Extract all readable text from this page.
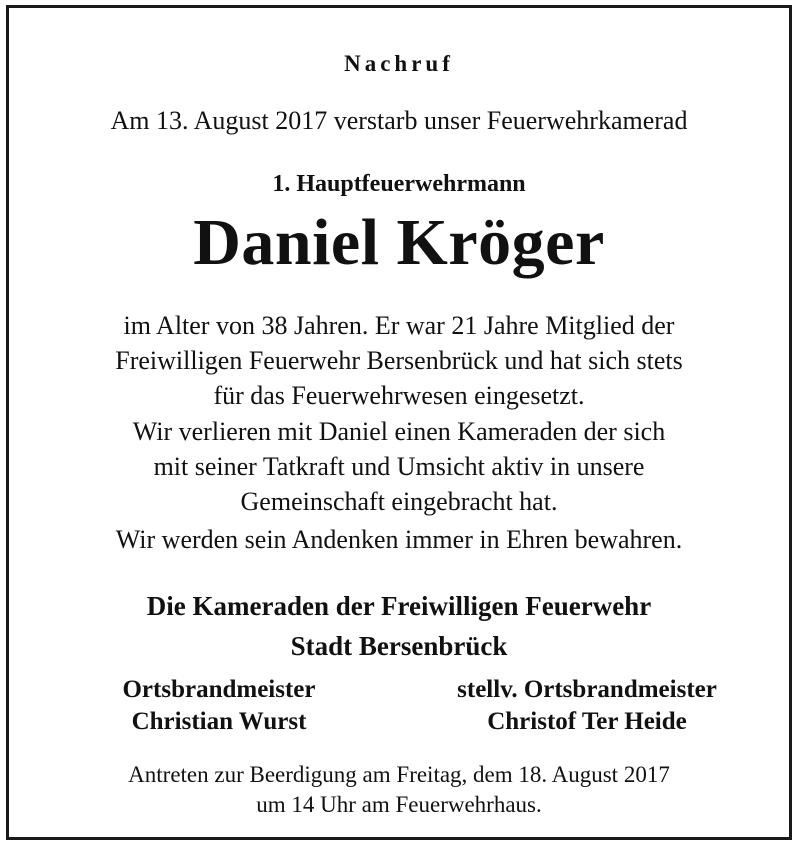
Nachruf
Am 13. August 2017 verstarb unser Feuerwehrkamerad
1. Hauptfeuerwehrmann
Daniel Kröger
im Alter von 38 Jahren. Er war 21 Jahre Mitglied der
Freiwilligen Feuerwehr Bersenbrück und hat sich stets
für das Feuerwehrwesen eingesetzt.
Wir verlieren mit Daniel einen Kameraden der sich
mit seiner Tatkraft und Umsicht aktiv in unsere
Gemeinschaft eingebracht hat.
Wir werden sein Andenken immer in Ehren bewahren.
Die Kameraden der Freiwilligen Feuerwehr
Stadt Bersenbrück
Ortsbrandmeister
Christian Wurst
stellv. Ortsbrandmeister
Christof Ter Heide
Antreten zur Beerdigung am Freitag, dem 18. August 2017
um 14 Uhr am Feuerwehrhaus.
